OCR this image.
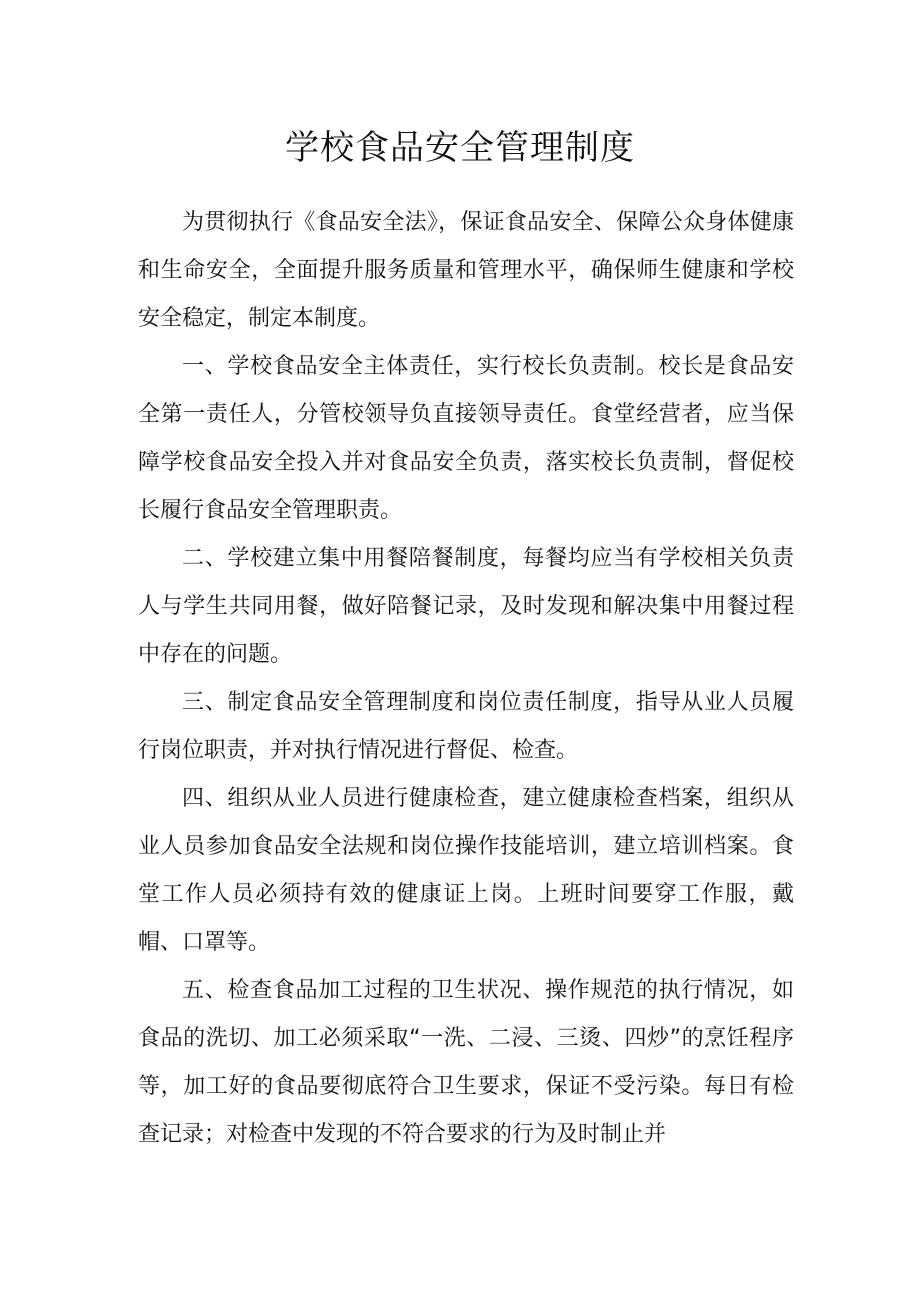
学校食品安全管理制度

为贯彻执行《食品安全法》，保证食品安全、保障公众身体健康和生命安全，全面提升服务质量和管理水平，确保师生健康和学校安全稳定，制定本制度。

一、学校食品安全主体责任，实行校长负责制。校长是食品安全第一责任人，分管校领导负直接领导责任。食堂经营者，应当保障学校食品安全投入并对食品安全负责，落实校长负责制，督促校长履行食品安全管理职责。

二、学校建立集中用餐陪餐制度，每餐均应当有学校相关负责人与学生共同用餐，做好陪餐记录，及时发现和解决集中用餐过程中存在的问题。

三、制定食品安全管理制度和岗位责任制度，指导从业人员履行岗位职责，并对执行情况进行督促、检查。

四、组织从业人员进行健康检查，建立健康检查档案，组织从业人员参加食品安全法规和岗位操作技能培训，建立培训档案。食堂工作人员必须持有效的健康证上岗。上班时间要穿工作服，戴帽、口罩等。

五、检查食品加工过程的卫生状况、操作规范的执行情况，如食品的洗切、加工必须采取“一洗、二浸、三烫、四炒”的烹饪程序等，加工好的食品要彻底符合卫生要求，保证不受污染。每日有检查记录；对检查中发现的不符合要求的行为及时制止并
